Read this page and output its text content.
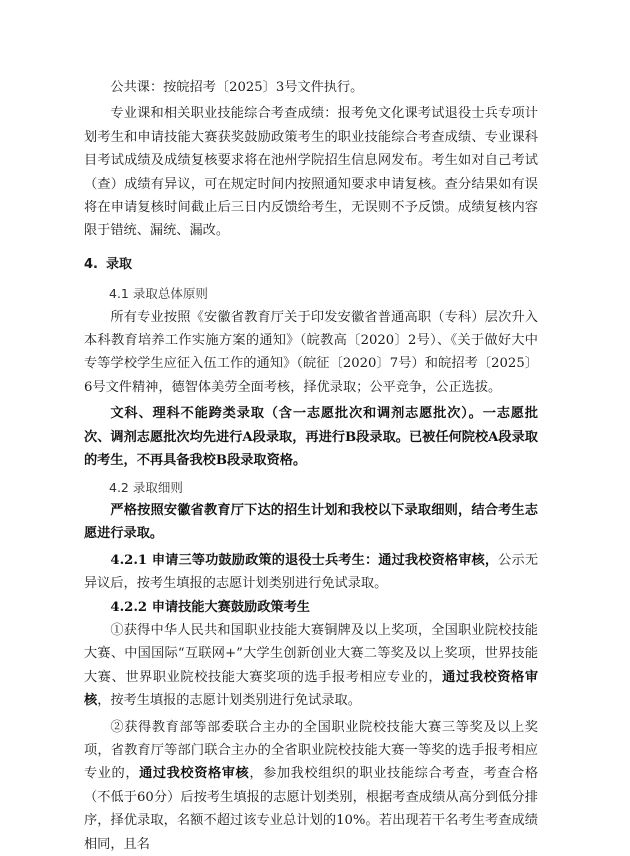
公共课：按皖招考〔2025〕3号文件执行。

专业课和相关职业技能综合考查成绩：报考免文化课考试退役士兵专项计划考生和申请技能大赛获奖鼓励政策考生的职业技能综合考查成绩、专业课科目考试成绩及成绩复核要求将在池州学院招生信息网发布。考生如对自己考试（查）成绩有异议，可在规定时间内按照通知要求申请复核。查分结果如有误将在申请复核时间截止后三日内反馈给考生，无误则不予反馈。成绩复核内容限于错统、漏统、漏改。

4. 录取

4.1 录取总体原则

所有专业按照《安徽省教育厅关于印发安徽省普通高职（专科）层次升入本科教育培养工作实施方案的通知》（皖教高〔2020〕2号）、《关于做好大中专等学校学生应征入伍工作的通知》（皖征〔2020〕7号）和皖招考〔2025〕6号文件精神，德智体美劳全面考核，择优录取；公平竞争，公正选拔。

文科、理科不能跨类录取（含一志愿批次和调剂志愿批次）。一志愿批次、调剂志愿批次均先进行A段录取，再进行B段录取。已被任何院校A段录取的考生，不再具备我校B段录取资格。

4.2 录取细则

严格按照安徽省教育厅下达的招生计划和我校以下录取细则，结合考生志愿进行录取。

4.2.1 申请三等功鼓励政策的退役士兵考生：通过我校资格审核，公示无异议后，按考生填报的志愿计划类别进行免试录取。

4.2.2 申请技能大赛鼓励政策考生

①获得中华人民共和国职业技能大赛铜牌及以上奖项，全国职业院校技能大赛、中国国际“互联网+”大学生创新创业大赛二等奖及以上奖项，世界技能大赛、世界职业院校技能大赛奖项的选手报考相应专业的，通过我校资格审核，按考生填报的志愿计划类别进行免试录取。

②获得教育部等部委联合主办的全国职业院校技能大赛三等奖及以上奖项，省教育厅等部门联合主办的全省职业院校技能大赛一等奖的选手报考相应专业的，通过我校资格审核，参加我校组织的职业技能综合考查，考查合格（不低于60分）后按考生填报的志愿计划类别，根据考查成绩从高分到低分排序，择优录取，名额不超过该专业总计划的10%。若出现若干名考生考查成绩相同，且名
